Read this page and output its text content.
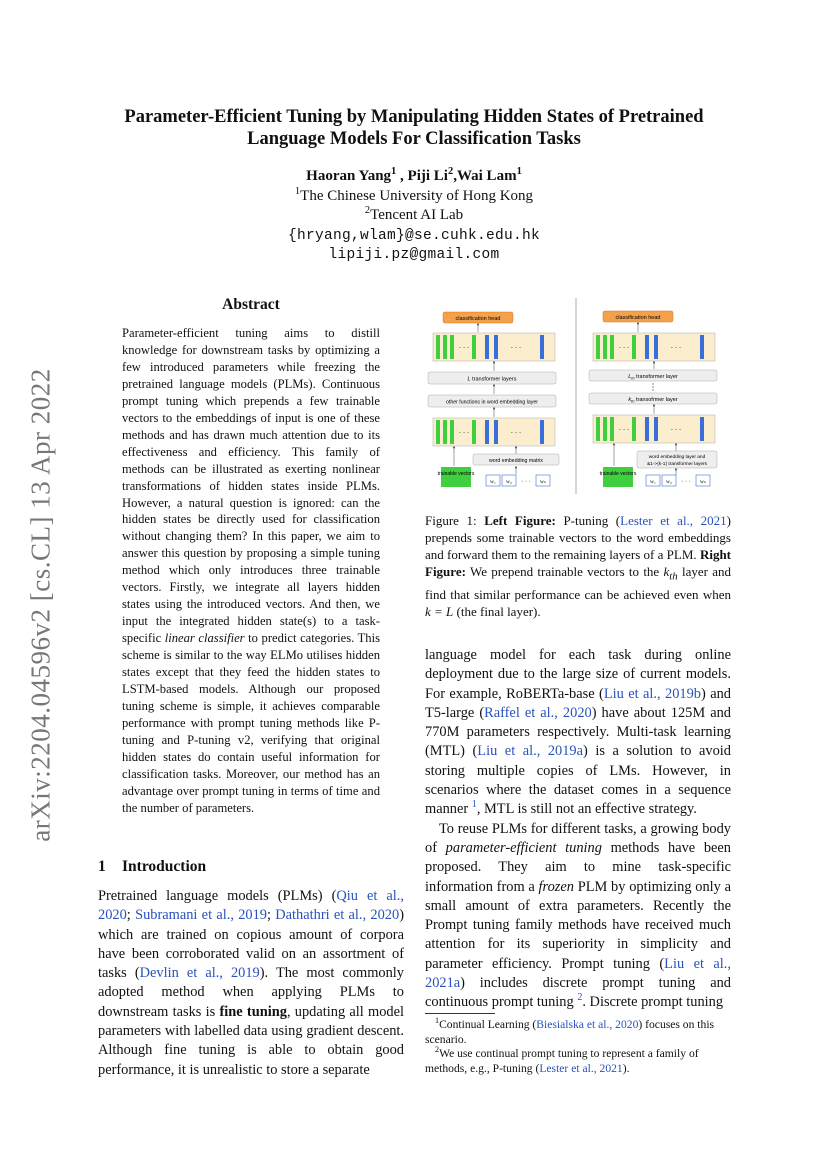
arXiv:2204.04596v2 [cs.CL] 13 Apr 2022
Parameter-Efficient Tuning by Manipulating Hidden States of Pretrained
Language Models For Classification Tasks
Haoran Yang$^1$ , Piji Li$^2$,Wai Lam$^1$
$^1$The Chinese University of Hong Kong
$^2$Tencent AI Lab
{hryang,wlam}@se.cuhk.edu.hk
lipiji.pz@gmail.com
Abstract
Parameter-efficient tuning aims to distill knowledge for downstream tasks by optimizing a few introduced parameters while freezing the pretrained language models (PLMs). Continuous prompt tuning which prepends a few trainable vectors to the embeddings of input is one of these methods and has drawn much attention due to its effectiveness and efficiency. This family of methods can be illustrated as exerting nonlinear transformations of hidden states inside PLMs. However, a natural question is ignored: can the hidden states be directly used for classification without changing them? In this paper, we aim to answer this question by proposing a simple tuning method which only introduces three trainable vectors. Firstly, we integrate all layers hidden states using the introduced vectors. And then, we input the integrated hidden state(s) to a task-specific linear classifier to predict categories. This scheme is similar to the way ELMo utilises hidden states except that they feed the hidden states to LSTM-based models. Although our proposed tuning scheme is simple, it achieves comparable performance with prompt tuning methods like P-tuning and P-tuning v2, verifying that original hidden states do contain useful information for classification tasks. Moreover, our method has an advantage over prompt tuning in terms of time and the number of parameters.
1 Introduction
Pretrained language models (PLMs) (Qiu et al., 2020; Subramani et al., 2019; Dathathri et al., 2020) which are trained on copious amount of corpora have been corroborated valid on an assortment of tasks (Devlin et al., 2019). The most commonly adopted method when applying PLMs to downstream tasks is fine tuning, updating all model parameters with labelled data using gradient descent. Although fine tuning is able to obtain good performance, it is unrealistic to store a separate
classification head
· · ·	· · ·
L transformer layers
other functions in word embedding layer
· · ·	· · ·
word embedding matrix
trainable vectors
w₁ w₂ · · · wₙ
classification head
· · ·	· · ·
$L_{th}$ transformer layer
$k_{th}$ transofrmer layer
· · ·	· · ·
word embedding layer and
&1->(k-1) transformer layers
trainable vectors
w₁ w₂ · · · wₙ
Figure 1: Left Figure: P-tuning (Lester et al., 2021) prepends some trainable vectors to the word embeddings and forward them to the remaining layers of a PLM. Right Figure: We prepend trainable vectors to the $k_{th}$ layer and find that similar performance can be achieved even when k = L (the final layer).

language model for each task during online deployment due to the large size of current models. For example, RoBERTa-base (Liu et al., 2019b) and T5-large (Raffel et al., 2020) have about 125M and 770M parameters respectively. Multi-task learning (MTL) (Liu et al., 2019a) is a solution to avoid storing multiple copies of LMs. However, in scenarios where the dataset comes in a sequence manner $^1$, MTL is still not an effective strategy.

To reuse PLMs for different tasks, a growing body of parameter-efficient tuning methods have been proposed. They aim to mine task-specific information from a frozen PLM by optimizing only a small amount of extra parameters. Recently the Prompt tuning family methods have received much attention for its superiority in simplicity and parameter efficiency. Prompt tuning (Liu et al., 2021a) includes discrete prompt tuning and continuous prompt tuning $^2$. Discrete prompt tuning

$^1$Continual Learning (Biesialska et al., 2020) focuses on this scenario.

$^2$We use continual prompt tuning to represent a family of methods, e.g., P-tuning (Lester et al., 2021).
